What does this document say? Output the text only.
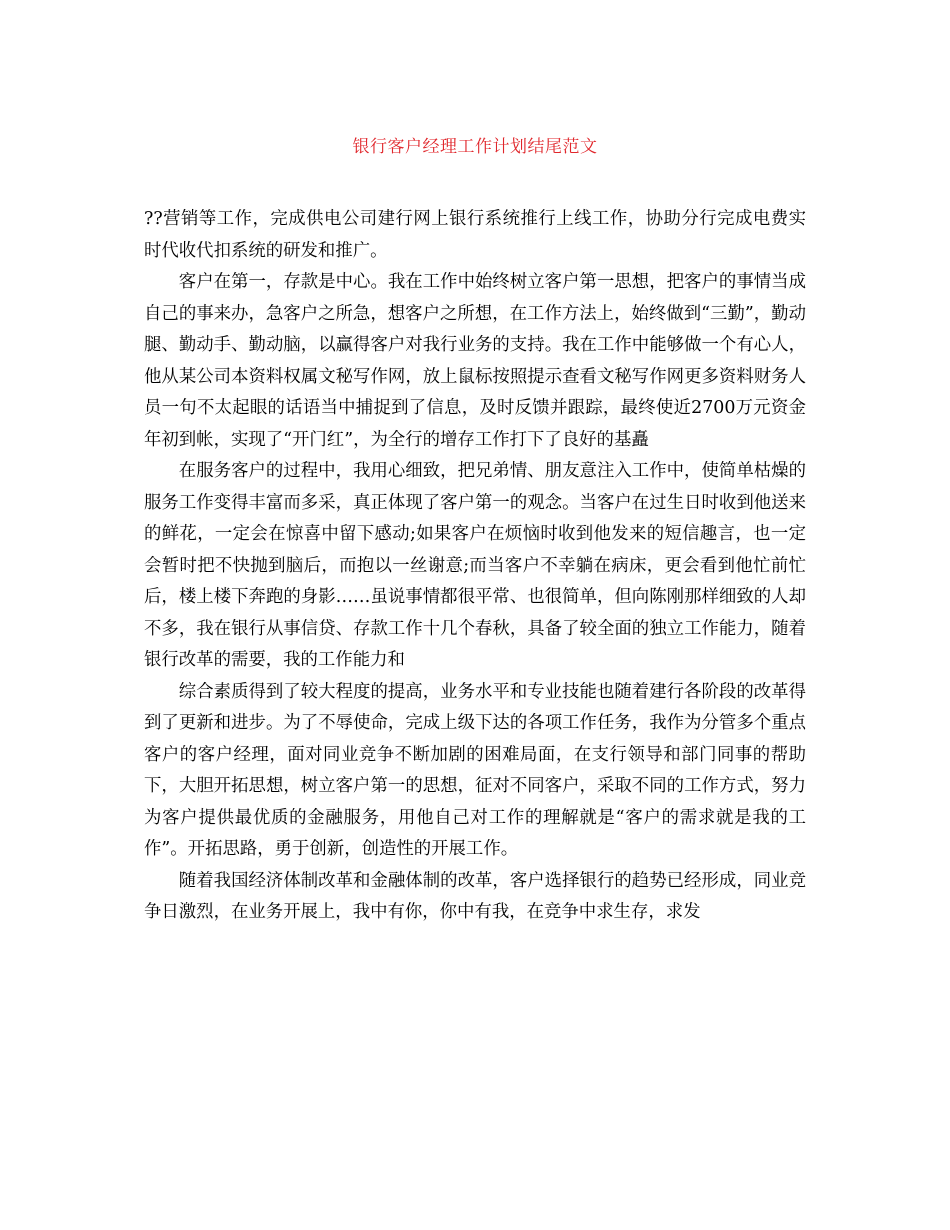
银行客户经理工作计划结尾范文

??营销等工作，完成供电公司建行网上银行系统推行上线工作，协助分行完成电费实时代收代扣系统的研发和推广。

客户在第一，存款是中心。我在工作中始终树立客户第一思想，把客户的事情当成自己的事来办，急客户之所急，想客户之所想，在工作方法上，始终做到“三勤”，勤动腿、勤动手、勤动脑，以赢得客户对我行业务的支持。我在工作中能够做一个有心人，他从某公司本资料权属文秘写作网，放上鼠标按照提示查看文秘写作网更多资料财务人员一句不太起眼的话语当中捕捉到了信息，及时反馈并跟踪，最终使近2700万元资金年初到帐，实现了“开门红”，为全行的增存工作打下了良好的基矗

在服务客户的过程中，我用心细致，把兄弟情、朋友意注入工作中，使简单枯燥的服务工作变得丰富而多采，真正体现了客户第一的观念。当客户在过生日时收到他送来的鲜花，一定会在惊喜中留下感动;如果客户在烦恼时收到他发来的短信趣言，也一定会暂时把不快抛到脑后，而抱以一丝谢意;而当客户不幸躺在病床，更会看到他忙前忙后，楼上楼下奔跑的身影……虽说事情都很平常、也很简单，但向陈刚那样细致的人却不多，我在银行从事信贷、存款工作十几个春秋，具备了较全面的独立工作能力，随着银行改革的需要，我的工作能力和

综合素质得到了较大程度的提高，业务水平和专业技能也随着建行各阶段的改革得到了更新和进步。为了不辱使命，完成上级下达的各项工作任务，我作为分管多个重点客户的客户经理，面对同业竞争不断加剧的困难局面，在支行领导和部门同事的帮助下，大胆开拓思想，树立客户第一的思想，征对不同客户，采取不同的工作方式，努力为客户提供最优质的金融服务，用他自己对工作的理解就是“客户的需求就是我的工作”。开拓思路，勇于创新，创造性的开展工作。

随着我国经济体制改革和金融体制的改革，客户选择银行的趋势已经形成，同业竞争日激烈，在业务开展上，我中有你，你中有我，在竞争中求生存，求发
